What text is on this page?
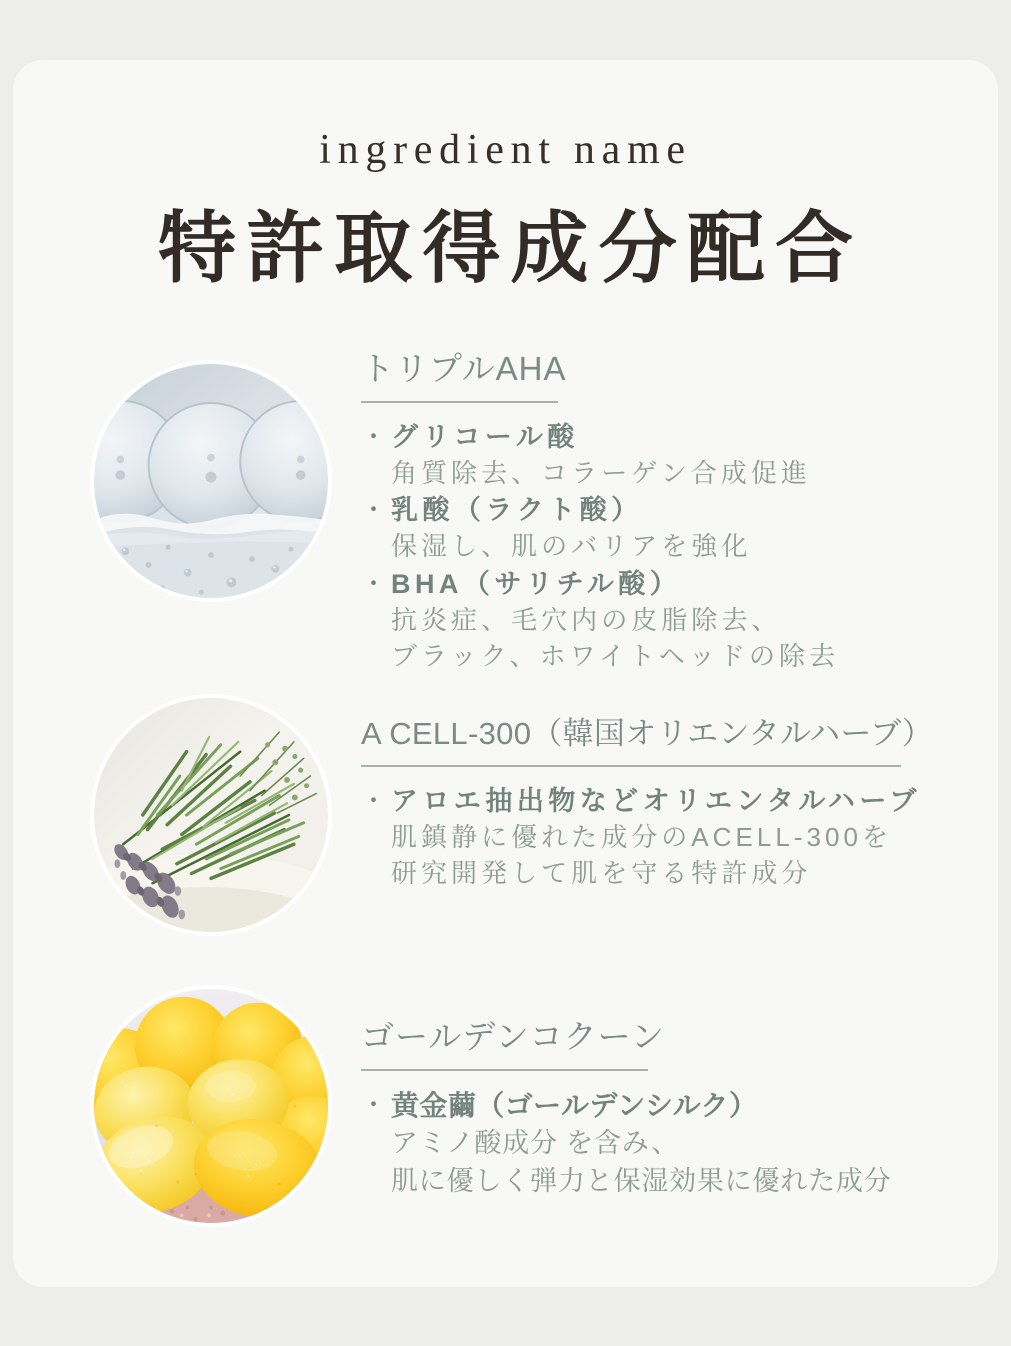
ingredient name
特許取得成分配合
トリプルAHA
・ グリコール酸
角質除去、コラーゲン合成促進
・ 乳酸（ラクト酸）
保湿し、肌のバリアを強化
・ BHA（サリチル酸）
抗炎症、毛穴内の皮脂除去、
ブラック、ホワイトヘッドの除去
A CELL-300（韓国オリエンタルハーブ）
・ アロエ抽出物などオリエンタルハーブ
肌鎮静に優れた成分のACELL-300を
研究開発して肌を守る特許成分
ゴールデンコクーン
・ 黄金繭（ゴールデンシルク）
アミノ酸成分 を含み、
肌に優しく弾力と保湿効果に優れた成分
